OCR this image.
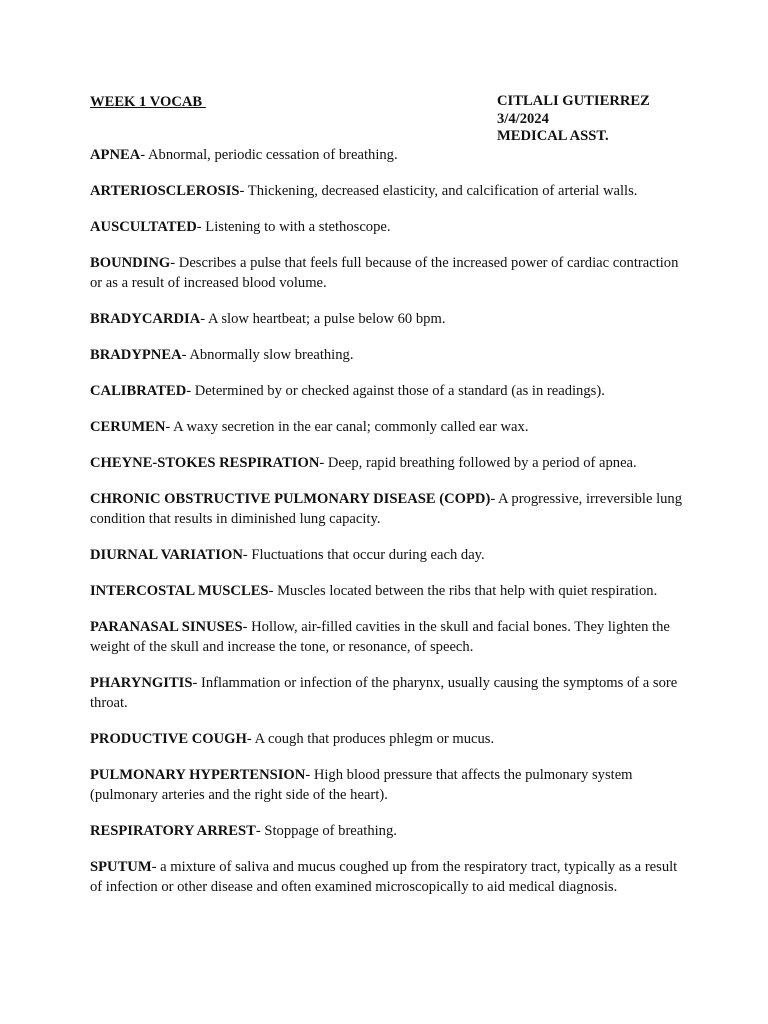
WEEK 1 VOCAB	CITLALI GUTIERREZ
3/4/2024
MEDICAL ASST.
APNEA- Abnormal, periodic cessation of breathing.
ARTERIOSCLEROSIS- Thickening, decreased elasticity, and calcification of arterial walls.
AUSCULTATED- Listening to with a stethoscope.
BOUNDING- Describes a pulse that feels full because of the increased power of cardiac contraction or as a result of increased blood volume.
BRADYCARDIA- A slow heartbeat; a pulse below 60 bpm.
BRADYPNEA- Abnormally slow breathing.
CALIBRATED- Determined by or checked against those of a standard (as in readings).
CERUMEN- A waxy secretion in the ear canal; commonly called ear wax.
CHEYNE-STOKES RESPIRATION- Deep, rapid breathing followed by a period of apnea.
CHRONIC OBSTRUCTIVE PULMONARY DISEASE (COPD)- A progressive, irreversible lung condition that results in diminished lung capacity.
DIURNAL VARIATION- Fluctuations that occur during each day.
INTERCOSTAL MUSCLES- Muscles located between the ribs that help with quiet respiration.
PARANASAL SINUSES- Hollow, air-filled cavities in the skull and facial bones. They lighten the weight of the skull and increase the tone, or resonance, of speech.
PHARYNGITIS- Inflammation or infection of the pharynx, usually causing the symptoms of a sore throat.
PRODUCTIVE COUGH- A cough that produces phlegm or mucus.
PULMONARY HYPERTENSION- High blood pressure that affects the pulmonary system (pulmonary arteries and the right side of the heart).
RESPIRATORY ARREST- Stoppage of breathing.
SPUTUM- a mixture of saliva and mucus coughed up from the respiratory tract, typically as a result of infection or other disease and often examined microscopically to aid medical diagnosis.
